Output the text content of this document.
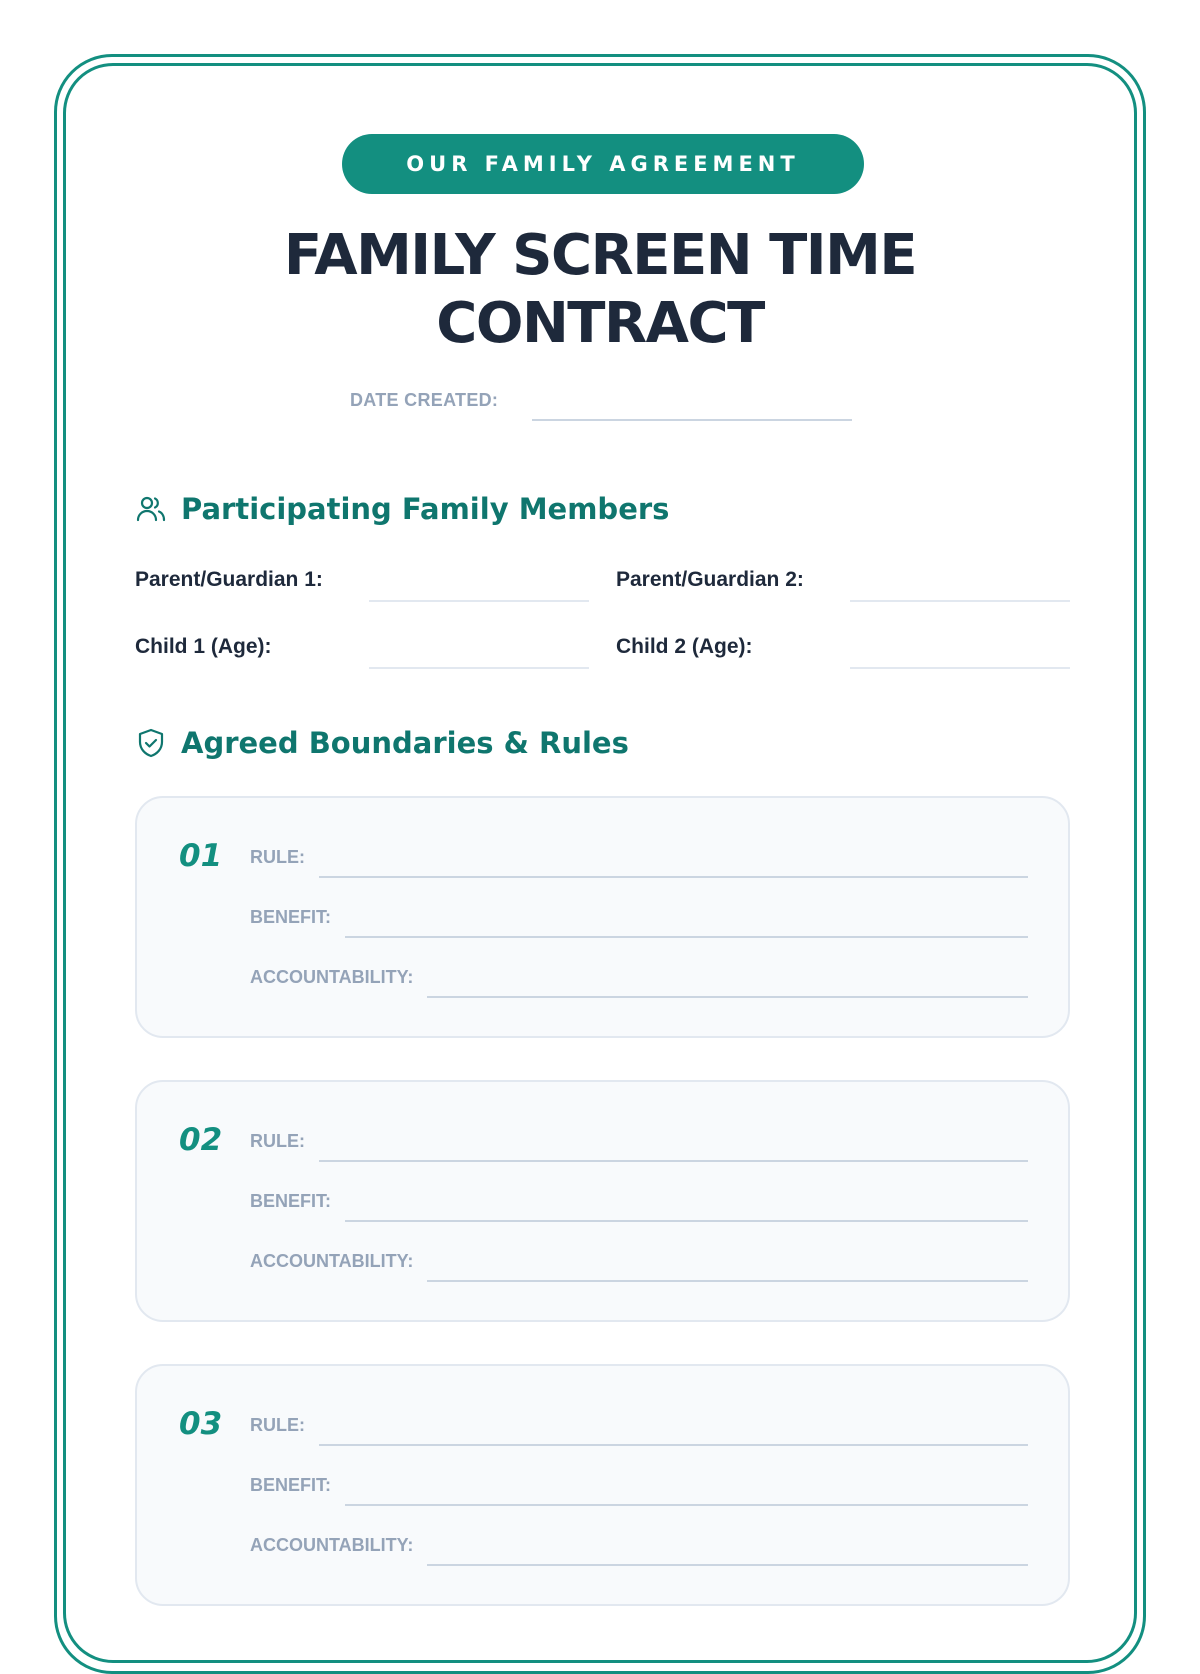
OUR FAMILY AGREEMENT
FAMILY SCREEN TIME
CONTRACT
DATE CREATED:
Participating Family Members
Parent/Guardian 1:	Parent/Guardian 2:
Child 1 (Age):	Child 2 (Age):
Agreed Boundaries & Rules
01 RULE:
BENEFIT:
ACCOUNTABILITY:
02 RULE:
BENEFIT:
ACCOUNTABILITY:
03 RULE:
BENEFIT:
ACCOUNTABILITY:
